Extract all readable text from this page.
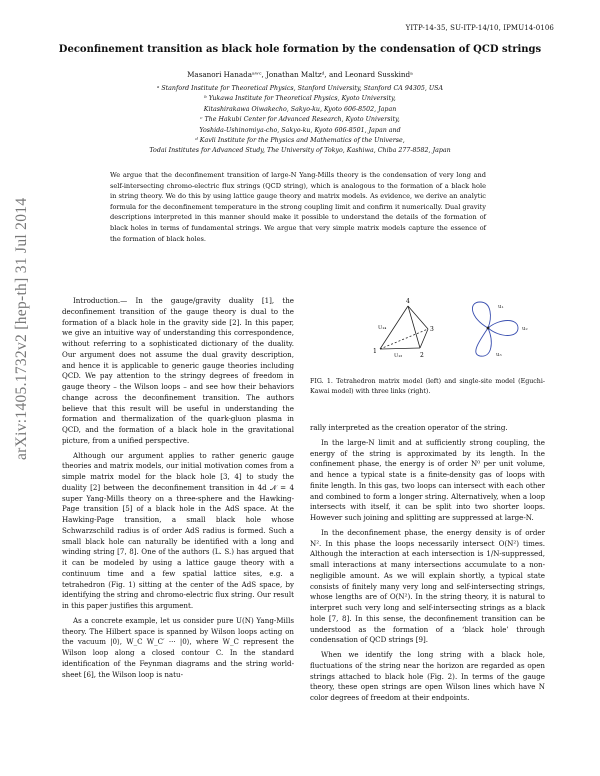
YITP-14-35, SU-ITP-14/10, IPMU14-0106
Deconfinement transition as black hole formation by the condensation of QCD strings
Masanori Hanadaᵃʷᶜ, Jonathan Maltzᵈ, and Leonard Susskindᵃ
ᵃ Stanford Institute for Theoretical Physics, Stanford University, Stanford CA 94305, USA
ᵇ Yukawa Institute for Theoretical Physics, Kyoto University,
Kitashirakawa Oiwakecho, Sakyo-ku, Kyoto 606-8502, Japan
ᶜ The Hakubi Center for Advanced Research, Kyoto University,
Yoshida-Ushinomiya-cho, Sakyo-ku, Kyoto 606-8501, Japan and
ᵈ Kavli Institute for the Physics and Mathematics of the Universe,
Todai Institutes for Advanced Study, The University of Tokyo, Kashiwa, Chiba 277-8582, Japan
We argue that the deconfinement transition of large-N Yang-Mills theory is the condensation of very long and self-intersecting chromo-electric flux strings (QCD string), which is analogous to the formation of a black hole in string theory. We do this by using lattice gauge theory and matrix models. As evidence, we derive an analytic formula for the deconfinement temperature in the strong coupling limit and confirm it numerically. Dual gravity descriptions interpreted in this manner should make it possible to understand the details of the formation of black holes in terms of fundamental strings. We argue that very simple matrix models capture the essence of the formation of black holes.
arXiv:1405.1732v2 [hep-th] 31 Jul 2014	Introduction.— In the gauge/gravity duality [1], the deconfinement transition of the gauge theory is dual to the formation of a black hole in the gravity side [2]. In this paper, we give an intuitive way of understanding this correspondence, without referring to a sophisticated dictionary of the duality. Our argument does not assume the dual gravity description, and hence it is applicable to generic gauge theories including QCD. We pay attention to the stringy degrees of freedom in gauge theory – the Wilson loops – and see how their behaviors change across the deconfinement transition. The authors believe that this result will be useful in understanding the formation and thermalization of the quark-gluon plasma in QCD, and the formation of a black hole in the gravitational picture, from a unified perspective.

Although our argument applies to rather generic gauge theories and matrix models, our initial motivation comes from a simple matrix model for the black hole [3, 4] to study the duality [2] between the deconfinement transition in 4d 𝒩 = 4 super Yang-Mills theory on a three-sphere and the Hawking-Page transition [5] of a black hole in the AdS space. At the Hawking-Page transition, a small black hole whose Schwarzschild radius is of order AdS radius is formed. Such a small black hole can naturally be identified with a long and winding string [7, 8]. One of the authors (L. S.) has argued that it can be modeled by using a lattice gauge theory with a continuum time and a few spatial lattice sites, e.g. a tetrahedron (Fig. 1) sitting at the center of the AdS space, by identifying the string and chromo-electric flux string. Our result in this paper justifies this argument.

As a concrete example, let us consider pure U(N) Yang-Mills theory. The Hilbert space is spanned by Wilson loops acting on the vacuum |0⟩, W_C W_C′ ··· |0⟩, where W_C represent the Wilson loop along a closed contour C. In the standard identification of the Feynman diagrams and the string world-sheet [6], the Wilson loop is natu-

4
1
2
3
U₁₄
U₁₂
u₁
u₂
u₃
FIG. 1. Tetrahedron matrix model (left) and single-site model (Eguchi-Kawai model) with three links (right).

rally interpreted as the creation operator of the string.

In the large-N limit and at sufficiently strong coupling, the energy of the string is approximated by its length. In the confinement phase, the energy is of order N⁰ per unit volume, and hence a typical state is a finite-density gas of loops with finite length. In this gas, two loops can intersect with each other and combined to form a longer string. Alternatively, when a loop intersects with itself, it can be split into two shorter loops. However such joining and splitting are suppressed at large-N.

In the deconfinement phase, the energy density is of order N². In this phase the loops necessarily intersect O(N²) times. Although the interaction at each intersection is 1/N-suppressed, small interactions at many intersections accumulate to a non-negligible amount. As we will explain shortly, a typical state consists of finitely many very long and self-intersecting strings, whose lengths are of O(N²). In the string theory, it is natural to interpret such very long and self-intersecting strings as a black hole [7, 8]. In this sense, the deconfinement transition can be understood as the formation of a ‘black hole’ through condensation of QCD strings [9].

When we identify the long string with a black hole, fluctuations of the string near the horizon are regarded as open strings attached to black hole (Fig. 2). In terms of the gauge theory, these open strings are open Wilson lines which have N color degrees of freedom at their endpoints.
